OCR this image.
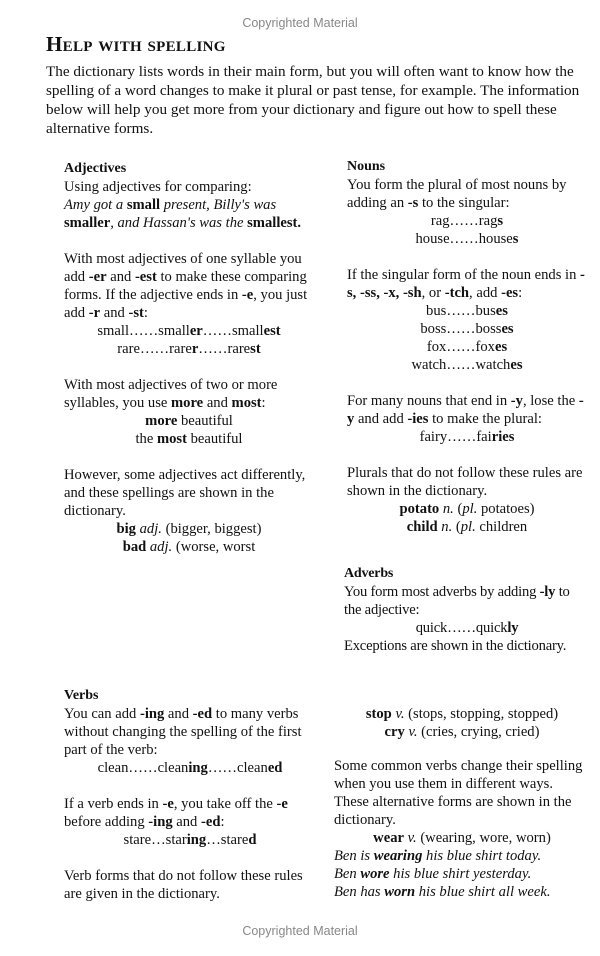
Copyrighted Material
Help with spelling

The dictionary lists words in their main form, but you will often want to know how the spelling of a word changes to make it plural or past tense, for example. The information below will help you get more from your dictionary and figure out how to spell these alternative forms.

Adjectives

Using adjectives for comparing:

Amy got a small present, Billy's was smaller, and Hassan's was the smallest.

With most adjectives of one syllable you add -er and -est to make these comparing forms. If the adjective ends in -e, you just add -r and -st:

small……smaller……smallest

rare……rarer……rarest

With most adjectives of two or more syllables, you use more and most:

more beautiful

the most beautiful

However, some adjectives act differently, and these spellings are shown in the dictionary.

big adj. (bigger, biggest)

bad adj. (worse, worst

Nouns

You form the plural of most nouns by adding an -s to the singular:

rag……rags

house……houses

If the singular form of the noun ends in -s, -ss, -x, -sh, or -tch, add -es:

bus……buses

boss……bosses

fox……foxes

watch……watches

For many nouns that end in -y, lose the -y and add -ies to make the plural:

fairy……fairies

Plurals that do not follow these rules are shown in the dictionary.

potato n. (pl. potatoes)

child n. (pl. children

Adverbs

You form most adverbs by adding -ly to the adjective:

quick……quickly

Exceptions are shown in the dictionary.

Verbs

You can add -ing and -ed to many verbs without changing the spelling of the first part of the verb:

clean……cleaning……cleaned

If a verb ends in -e, you take off the -e before adding -ing and -ed:

stare…staring…stared

Verb forms that do not follow these rules are given in the dictionary.

stop v. (stops, stopping, stopped)

cry v. (cries, crying, cried)

Some common verbs change their spelling when you use them in different ways. These alternative forms are shown in the dictionary.

wear v. (wearing, wore, worn)

Ben is wearing his blue shirt today.

Ben wore his blue shirt yesterday.

Ben has worn his blue shirt all week.

Copyrighted Material
